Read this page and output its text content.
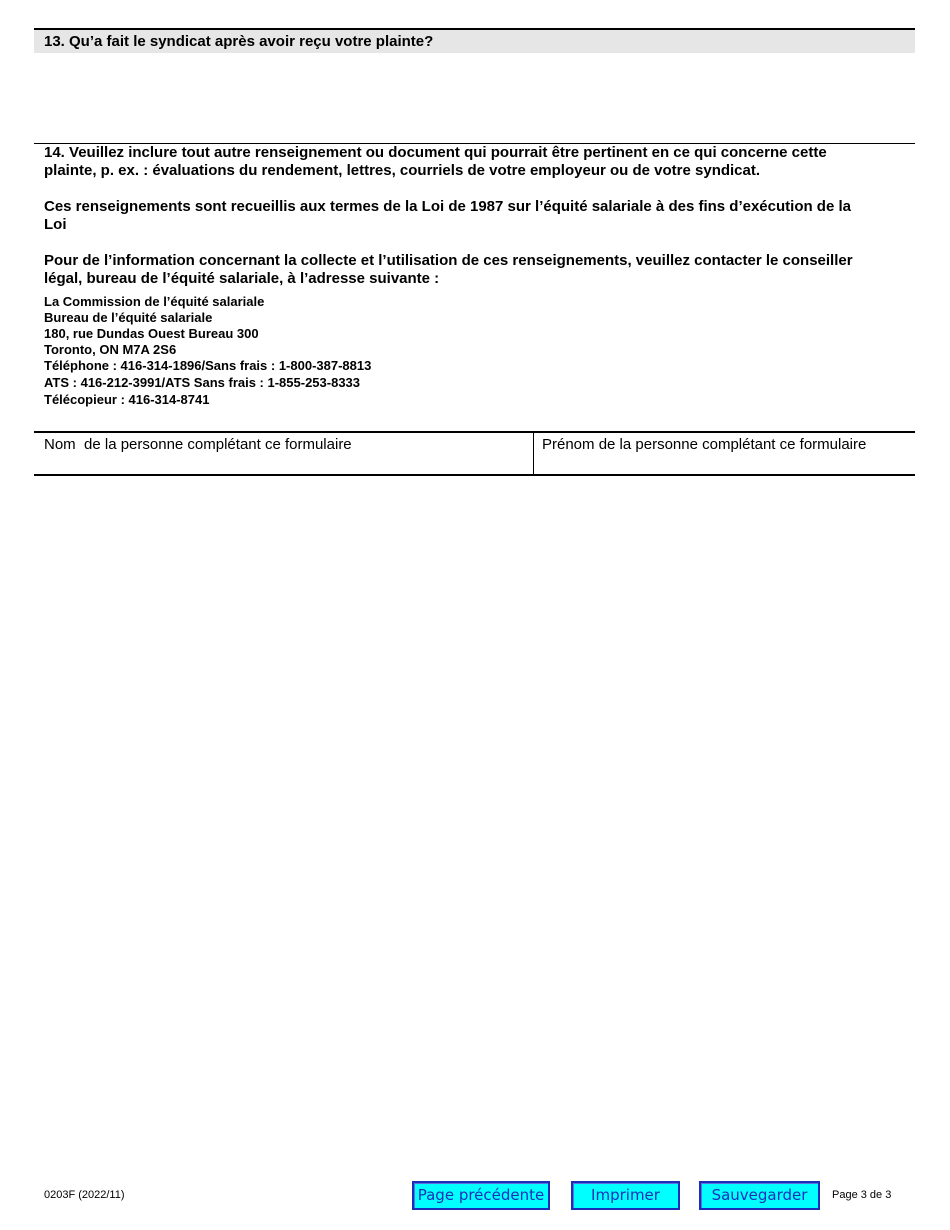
13. Qu’a fait le syndicat après avoir reçu votre plainte?
14. Veuillez inclure tout autre renseignement ou document qui pourrait être pertinent en ce qui concerne cette
plainte, p. ex. : évaluations du rendement, lettres, courriels de votre employeur ou de votre syndicat.
Ces renseignements sont recueillis aux termes de la Loi de 1987 sur l’équité salariale à des fins d’exécution de la
Loi
Pour de l’information concernant la collecte et l’utilisation de ces renseignements, veuillez contacter le conseiller
légal, bureau de l’équité salariale, à l’adresse suivante :
La Commission de l’équité salariale
Bureau de l’équité salariale
180, rue Dundas Ouest Bureau 300
Toronto, ON M7A 2S6
Téléphone : 416-314-1896/Sans frais : 1-800-387-8813
ATS : 416-212-3991/ATS Sans frais : 1-855-253-8333
Télécopieur : 416-314-8741
Nom  de la personne complétant ce formulaire	Prénom de la personne complétant ce formulaire
0203F (2022/11)	Page précédente	Imprimer	Sauvegarder	Page 3 de 3
